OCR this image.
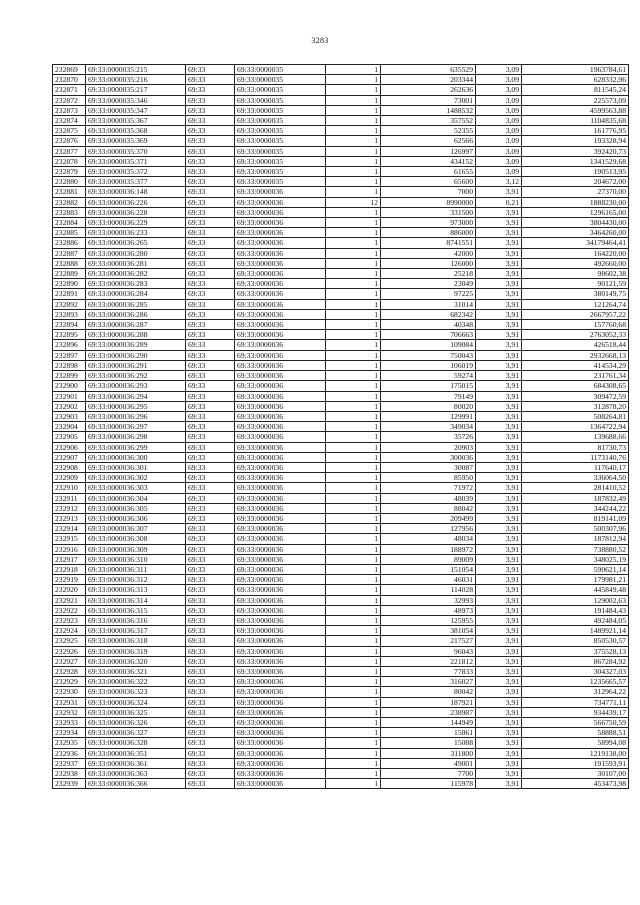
3283
232869	69:33:0000035:215	69:33	69:33:0000035	1	635529	3,09	1963784,61
232870	69:33:0000035:216	69:33	69:33:0000035	1	203344	3,09	628332,96
232871	69:33:0000035:217	69:33	69:33:0000035	1	262636	3,09	811545,24
232872	69:33:0000035:346	69:33	69:33:0000035	1	73001	3,09	225573,09
232873	69:33:0000035:347	69:33	69:33:0000035	1	1488532	3,09	4599563,88
232874	69:33:0000035:367	69:33	69:33:0000035	1	357552	3,09	1104835,68
232875	69:33:0000035:368	69:33	69:33:0000035	1	52355	3,09	161776,95
232876	69:33:0000035:369	69:33	69:33:0000035	1	62566	3,09	193328,94
232877	69:33:0000035:370	69:33	69:33:0000035	1	126997	3,09	392420,73
232878	69:33:0000035:371	69:33	69:33:0000035	1	434152	3,09	1341529,68
232879	69:33:0000035:372	69:33	69:33:0000035	1	61655	3,09	190513,95
232880	69:33:0000035:377	69:33	69:33:0000035	1	65600	3,12	204672,00
232881	69:33:0000036:148	69:33	69:33:0000036	1	7000	3,91	27370,00
232882	69:33:0000036:226	69:33	69:33:0000036	12	8990000	0,21	1888230,00
232883	69:33:0000036:228	69:33	69:33:0000036	1	331500	3,91	1296165,00
232884	69:33:0000036:229	69:33	69:33:0000036	1	973000	3,91	3804430,00
232885	69:33:0000036:233	69:33	69:33:0000036	1	886000	3,91	3464260,00
232886	69:33:0000036:265	69:33	69:33:0000036	1	8741551	3,91	34179464,41
232887	69:33:0000036:280	69:33	69:33:0000036	1	42000	3,91	164220,00
232888	69:33:0000036:281	69:33	69:33:0000036	1	126000	3,91	492660,00
232889	69:33:0000036:282	69:33	69:33:0000036	1	25218	3,91	98602,38
232890	69:33:0000036:283	69:33	69:33:0000036	1	23049	3,91	90121,59
232891	69:33:0000036:284	69:33	69:33:0000036	1	97225	3,91	380149,75
232892	69:33:0000036:285	69:33	69:33:0000036	1	31014	3,91	121264,74
232893	69:33:0000036:286	69:33	69:33:0000036	1	682342	3,91	2667957,22
232894	69:33:0000036:287	69:33	69:33:0000036	1	40348	3,91	157760,68
232895	69:33:0000036:288	69:33	69:33:0000036	1	706663	3,91	2763052,33
232896	69:33:0000036:289	69:33	69:33:0000036	1	109084	3,91	426518,44
232897	69:33:0000036:290	69:33	69:33:0000036	1	750043	3,91	2932668,13
232898	69:33:0000036:291	69:33	69:33:0000036	1	106019	3,91	414534,29
232899	69:33:0000036:292	69:33	69:33:0000036	1	59274	3,91	231761,34
232900	69:33:0000036:293	69:33	69:33:0000036	1	175015	3,91	684308,65
232901	69:33:0000036:294	69:33	69:33:0000036	1	79149	3,91	309472,59
232902	69:33:0000036:295	69:33	69:33:0000036	1	80020	3,91	312878,20
232903	69:33:0000036:296	69:33	69:33:0000036	1	129991	3,91	508264,81
232904	69:33:0000036:297	69:33	69:33:0000036	1	349034	3,91	1364722,94
232905	69:33:0000036:298	69:33	69:33:0000036	1	35726	3,91	139688,66
232906	69:33:0000036:299	69:33	69:33:0000036	1	20903	3,91	81730,73
232907	69:33:0000036:300	69:33	69:33:0000036	1	300036	3,91	1173140,76
232908	69:33:0000036:301	69:33	69:33:0000036	1	30087	3,91	117640,17
232909	69:33:0000036:302	69:33	69:33:0000036	1	85950	3,91	336064,50
232910	69:33:0000036:303	69:33	69:33:0000036	1	71972	3,91	281410,52
232911	69:33:0000036:304	69:33	69:33:0000036	1	48039	3,91	187832,49
232912	69:33:0000036:305	69:33	69:33:0000036	1	88042	3,91	344244,22
232913	69:33:0000036:306	69:33	69:33:0000036	1	209499	3,91	819141,09
232914	69:33:0000036:307	69:33	69:33:0000036	1	127956	3,91	500307,96
232915	69:33:0000036:308	69:33	69:33:0000036	1	48034	3,91	187812,94
232916	69:33:0000036:309	69:33	69:33:0000036	1	188972	3,91	738880,52
232917	69:33:0000036:310	69:33	69:33:0000036	1	89009	3,91	348025,19
232918	69:33:0000036:311	69:33	69:33:0000036	1	151054	3,91	590621,14
232919	69:33:0000036:312	69:33	69:33:0000036	1	46031	3,91	179981,21
232920	69:33:0000036:313	69:33	69:33:0000036	1	114028	3,91	445849,48
232921	69:33:0000036:314	69:33	69:33:0000036	1	32993	3,91	129002,63
232922	69:33:0000036:315	69:33	69:33:0000036	1	48973	3,91	191484,43
232923	69:33:0000036:316	69:33	69:33:0000036	1	125955	3,91	492484,05
232924	69:33:0000036:317	69:33	69:33:0000036	1	381054	3,91	1489921,14
232925	69:33:0000036:318	69:33	69:33:0000036	1	217527	3,91	850530,57
232926	69:33:0000036:319	69:33	69:33:0000036	1	96043	3,91	375528,13
232927	69:33:0000036:320	69:33	69:33:0000036	1	221812	3,91	867284,92
232928	69:33:0000036:321	69:33	69:33:0000036	1	77833	3,91	304327,03
232929	69:33:0000036:322	69:33	69:33:0000036	1	316027	3,91	1235665,57
232930	69:33:0000036:323	69:33	69:33:0000036	1	80042	3,91	312964,22
232931	69:33:0000036:324	69:33	69:33:0000036	1	187921	3,91	734771,11
232932	69:33:0000036:325	69:33	69:33:0000036	1	238987	3,91	934439,17
232933	69:33:0000036:326	69:33	69:33:0000036	1	144949	3,91	566750,59
232934	69:33:0000036:327	69:33	69:33:0000036	1	15061	3,91	58888,51
232935	69:33:0000036:328	69:33	69:33:0000036	1	15088	3,91	58994,08
232936	69:33:0000036:351	69:33	69:33:0000036	1	311800	3,91	1219138,00
232937	69:33:0000036:361	69:33	69:33:0000036	1	49001	3,91	191593,91
232938	69:33:0000036:363	69:33	69:33:0000036	1	7700	3,91	30107,00
232939	69:33:0000036:366	69:33	69:33:0000036	1	115978	3,91	453473,98
